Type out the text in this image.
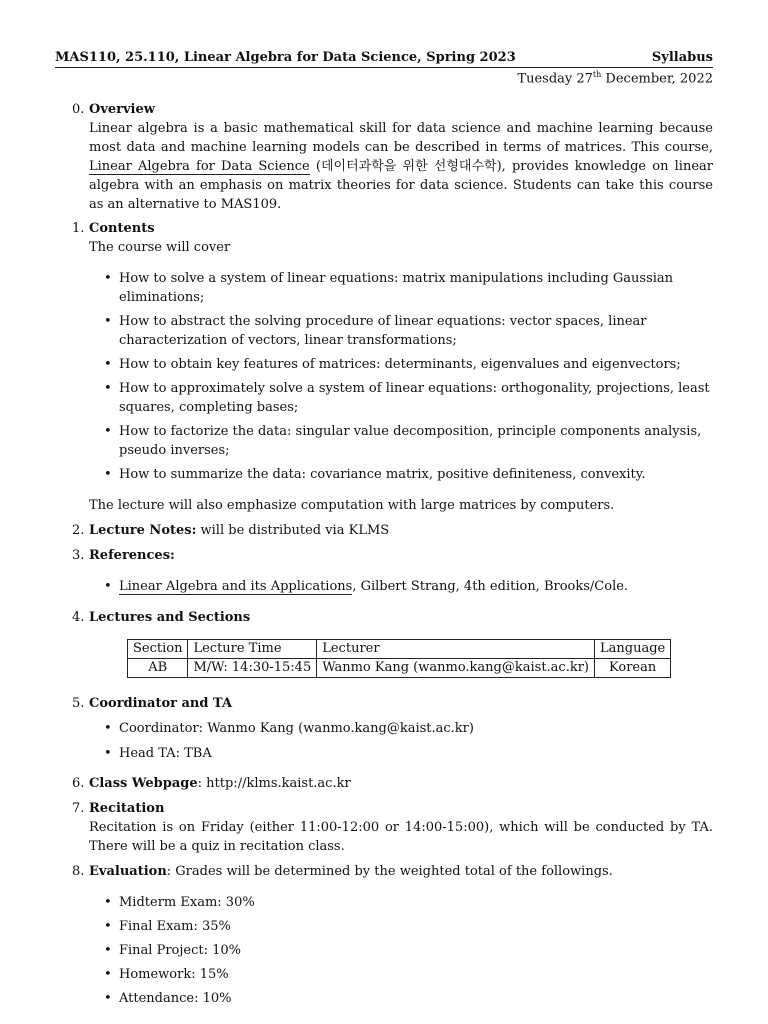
MAS110, 25.110, Linear Algebra for Data Science, Spring 2023	Syllabus
Tuesday 27th December, 2022
0. Overview
Linear algebra is a basic mathematical skill for data science and machine learning because most data and machine learning models can be described in terms of matrices. This course, Linear Algebra for Data Science (데이터과학을 위한 선형대수학), provides knowledge on linear algebra with an emphasis on matrix theories for data science. Students can take this course as an alternative to MAS109.
1. Contents
The course will cover
• How to solve a system of linear equations: matrix manipulations including Gaussian eliminations;
• How to abstract the solving procedure of linear equations: vector spaces, linear characterization of vectors, linear transformations;
• How to obtain key features of matrices: determinants, eigenvalues and eigenvectors;
• How to approximately solve a system of linear equations: orthogonality, projections, least squares, completing bases;
• How to factorize the data: singular value decomposition, principle components analysis, pseudo inverses;
• How to summarize the data: covariance matrix, positive definiteness, convexity.
The lecture will also emphasize computation with large matrices by computers.
2. Lecture Notes: will be distributed via KLMS
3. References:
• Linear Algebra and its Applications, Gilbert Strang, 4th edition, Brooks/Cole.
4. Lectures and Sections
Section	Lecture Time	Lecturer	Language
AB	M/W: 14:30-15:45	Wanmo Kang (wanmo.kang@kaist.ac.kr)	Korean
5. Coordinator and TA
• Coordinator: Wanmo Kang (wanmo.kang@kaist.ac.kr)
• Head TA: TBA
6. Class Webpage: http://klms.kaist.ac.kr
7. Recitation
Recitation is on Friday (either 11:00-12:00 or 14:00-15:00), which will be conducted by TA. There will be a quiz in recitation class.
8. Evaluation: Grades will be determined by the weighted total of the followings.
• Midterm Exam: 30%
• Final Exam: 35%
• Final Project: 10%
• Homework: 15%
• Attendance: 10%
